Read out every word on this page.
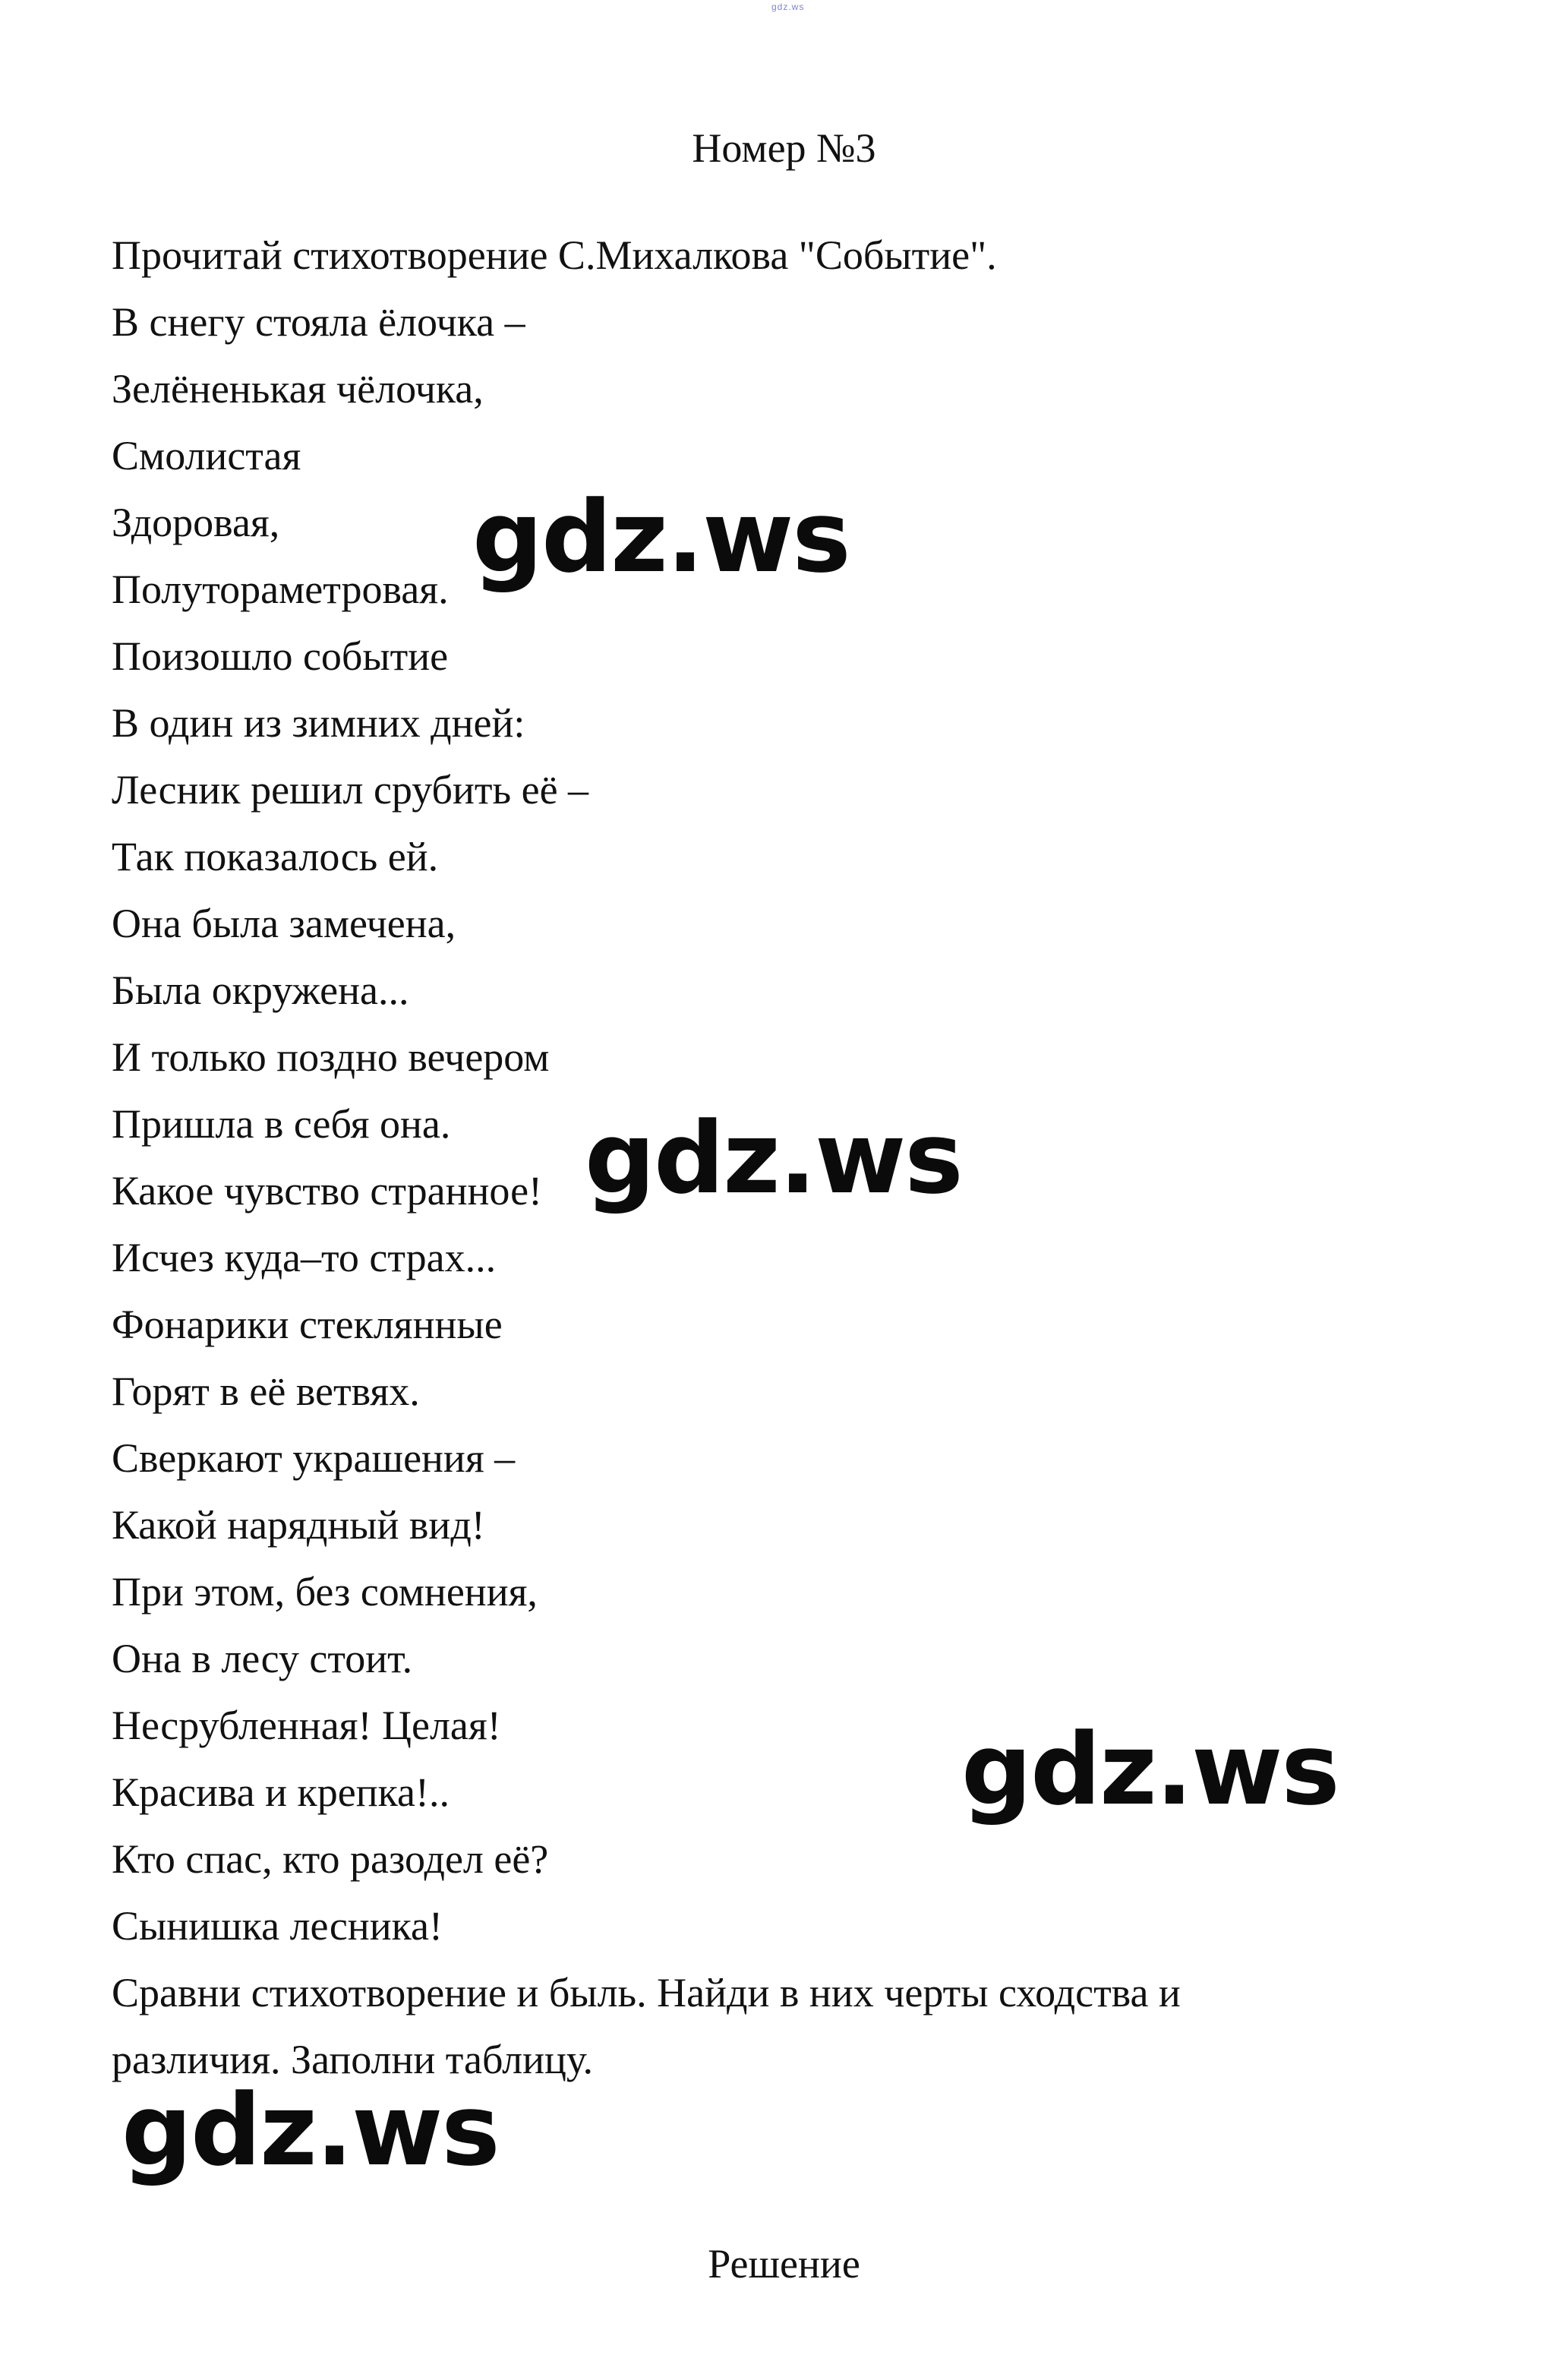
gdz.ws
Номер №3
Прочитай стихотворение С.Михалкова "Событие".
В снегу стояла ёлочка –
Зелёненькая чёлочка,
Смолистая
Здоровая,
Полутораметровая.
Поизошло событие
В один из зимних дней:
Лесник решил срубить её –
Так показалось ей.
Она была замечена,
Была окружена...
И только поздно вечером
Пришла в себя она.
Какое чувство странное!
Исчез куда–то страх...
Фонарики стеклянные
Горят в её ветвях.
Сверкают украшения –
Какой нарядный вид!
При этом, без сомнения,
Она в лесу стоит.
Несрубленная! Целая!
Красива и крепка!..
Кто спас, кто разодел её?
Сынишка лесника!
Сравни стихотворение и быль. Найди в них черты сходства и
различия. Заполни таблицу.
gdz.ws
gdz.ws
gdz.ws
gdz.ws
Решение
